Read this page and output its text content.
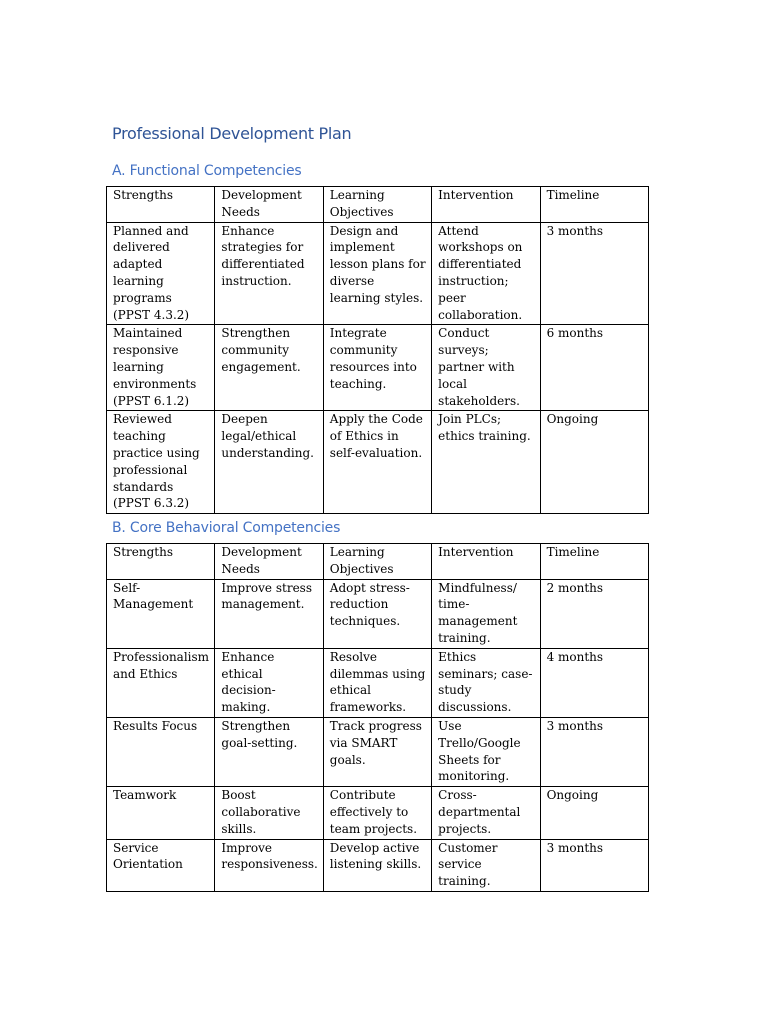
Professional Development Plan
A. Functional Competencies
Strengths	Development Needs	Learning Objectives	Intervention	Timeline
Planned and delivered adapted learning programs (PPST 4.3.2)	Enhance strategies for differentiated instruction.	Design and implement lesson plans for diverse learning styles.	Attend workshops on differentiated instruction; peer collaboration.	3 months
Maintained responsive learning environments (PPST 6.1.2)	Strengthen community engagement.	Integrate community resources into teaching.	Conduct surveys; partner with local stakeholders.	6 months
Reviewed teaching practice using professional standards (PPST 6.3.2)	Deepen legal/ethical understanding.	Apply the Code of Ethics in self-evaluation.	Join PLCs; ethics training.	Ongoing
B. Core Behavioral Competencies
Strengths	Development Needs	Learning Objectives	Intervention	Timeline
Self-Management	Improve stress management.	Adopt stress-reduction techniques.	Mindfulness/ time-management training.	2 months
Professionalism and Ethics	Enhance ethical decision-making.	Resolve dilemmas using ethical frameworks.	Ethics seminars; case-study discussions.	4 months
Results Focus	Strengthen goal-setting.	Track progress via SMART goals.	Use Trello/Google Sheets for monitoring.	3 months
Teamwork	Boost collaborative skills.	Contribute effectively to team projects.	Cross-departmental projects.	Ongoing
Service Orientation	Improve responsiveness.	Develop active listening skills.	Customer service training.	3 months
